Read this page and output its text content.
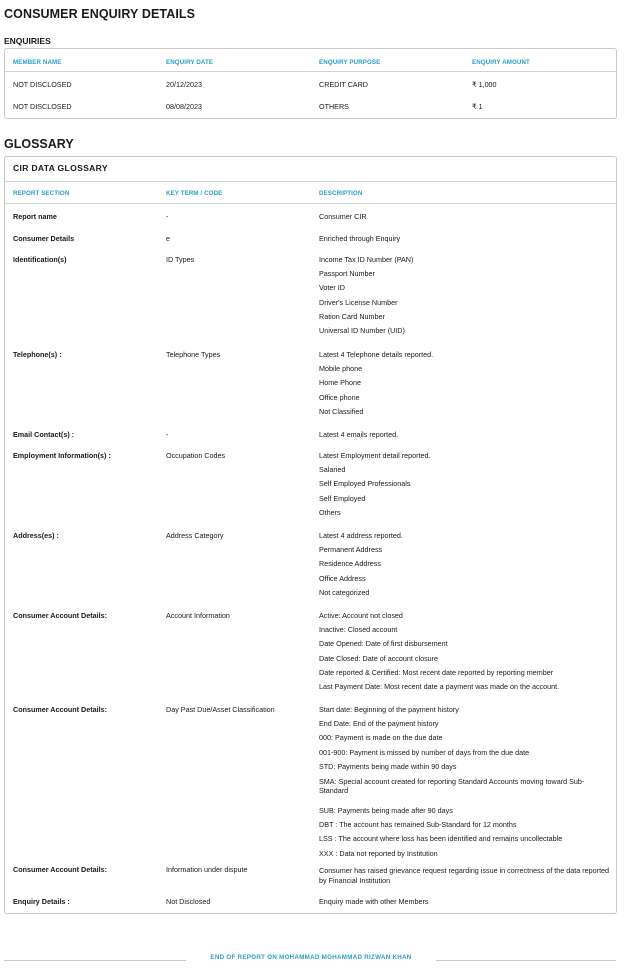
CONSUMER ENQUIRY DETAILS
ENQUIRIES
MEMBER NAME	ENQUIRY DATE	ENQUIRY PURPOSE	ENQUIRY AMOUNT
NOT DISCLOSED	20/12/2023	CREDIT CARD	₹ 1,000
NOT DISCLOSED	08/08/2023	OTHERS	₹ 1
GLOSSARY
CIR DATA GLOSSARY
REPORT SECTION	KEY TERM / CODE	DESCRIPTION
Report name	-	Consumer CIR
Consumer Details	e	Enriched through Enquiry
Identification(s)	ID Types	Income Tax ID Number (PAN)
Passport Number
Voter ID
Driver's License Number
Ration Card Number
Universal ID Number (UID)
Telephone(s) :	Telephone Types	Latest 4 Telephone details reported.
Mobile phone
Home Phone
Office phone
Not Classified
Email Contact(s) :	-	Latest 4 emails reported.
Employment Information(s) :	Occupation Codes	Latest Employment detail reported.
Salaried
Self Employed Professionals
Self Employed
Others
Address(es) :	Address Category	Latest 4 address reported.
Permanent Address
Residence Address
Office Address
Not categorized
Consumer Account Details:	Account Information	Active: Account not closed
Inactive: Closed account
Date Opened: Date of first disbursement
Date Closed: Date of account closure
Date reported & Certified: Most recent date reported by reporting member
Last Payment Date: Most recent date a payment was made on the account.
Consumer Account Details:	Day Past Due/Asset Classification	Start date: Beginning of the payment history
End Date: End of the payment history
000: Payment is made on the due date
001-900: Payment is missed by number of days from the due date
STD: Payments being made within 90 days
SMA: Special account created for reporting Standard Accounts moving toward Sub-Standard
SUB: Payments being made after 90 days
DBT : The account has remained Sub-Standard for 12 months
LSS : The account where loss has been identified and remains uncollectable
XXX : Data not reported by Institution
Consumer Account Details:	Information under dispute	Consumer has raised grievance request regarding issue in correctness of the data reported by Financial Institution
Enquiry Details :	Not Disclosed	Enquiry made with other Members
END OF REPORT ON MOHAMMAD MOHAMMAD RIZWAN KHAN
